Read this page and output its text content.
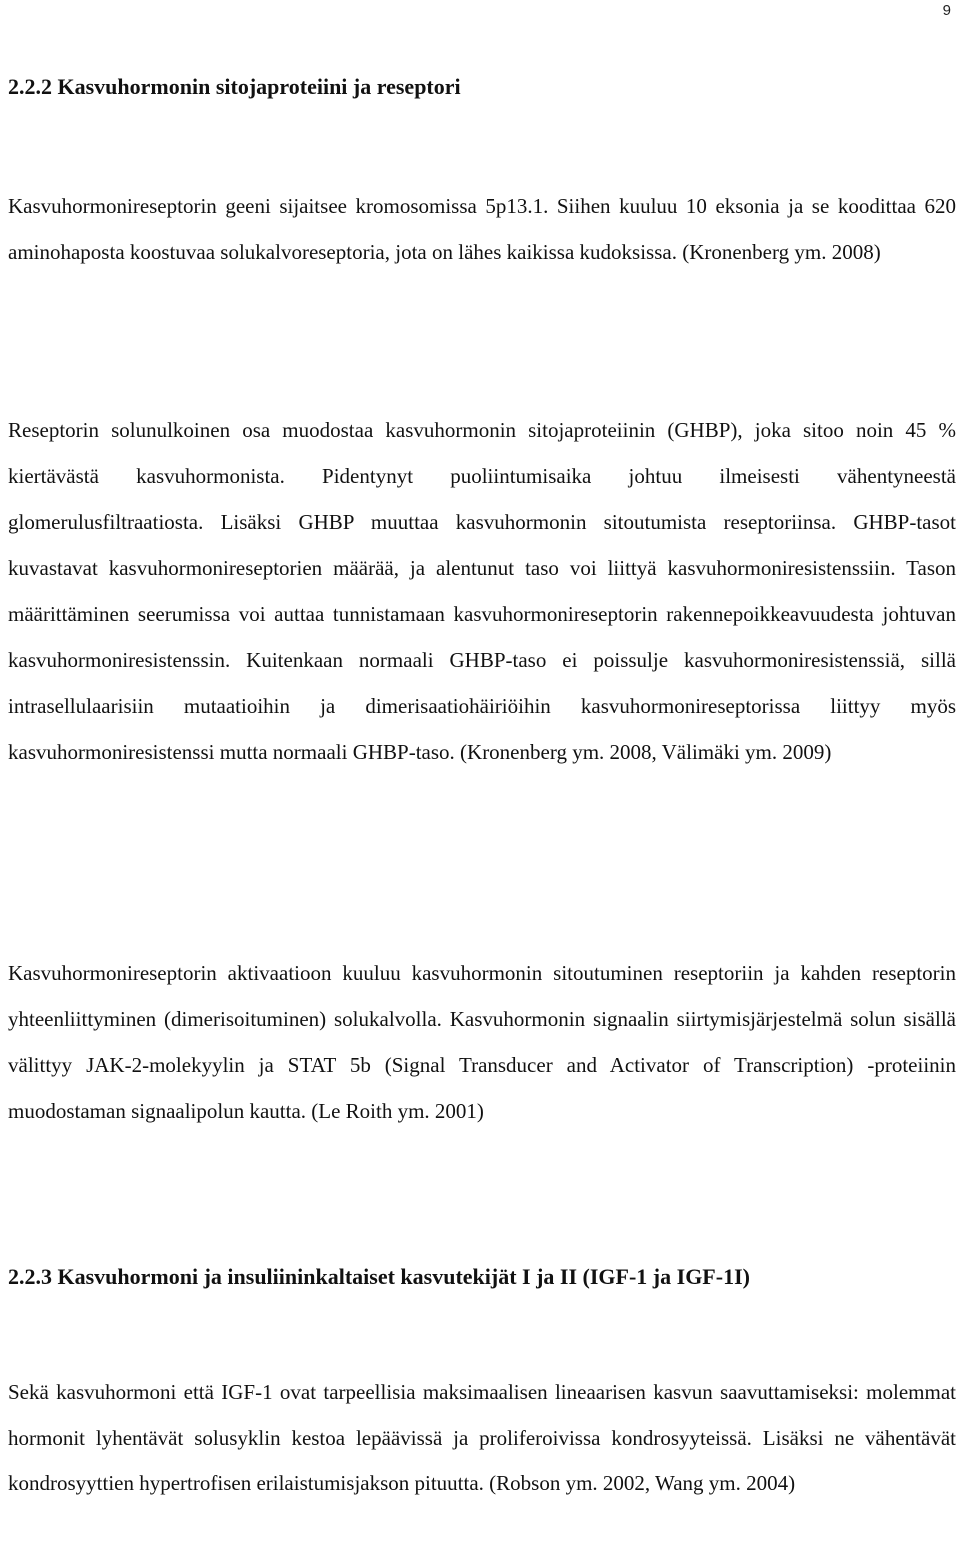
9
2.2.2 Kasvuhormonin sitojaproteiini ja reseptori

Kasvuhormonireseptorin geeni sijaitsee kromosomissa 5p13.1. Siihen kuuluu 10 eksonia ja se koodittaa 620 aminohaposta koostuvaa solukalvoreseptoria, jota on lähes kaikissa kudoksissa. (Kronenberg ym. 2008)

Reseptorin solunulkoinen osa muodostaa kasvuhormonin sitojaproteiinin (GHBP), joka sitoo noin 45 % kiertävästä kasvuhormonista. Pidentynyt puoliintumisaika johtuu ilmeisesti vähentyneestä glomerulusfiltraatiosta. Lisäksi GHBP muuttaa kasvuhormonin sitoutumista reseptoriinsa. GHBP-tasot kuvastavat kasvuhormonireseptorien määrää, ja alentunut taso voi liittyä kasvuhormoniresistenssiin. Tason määrittäminen seerumissa voi auttaa tunnistamaan kasvuhormonireseptorin rakennepoikkeavuudesta johtuvan kasvuhormoniresistenssin. Kuitenkaan normaali GHBP-taso ei poissulje kasvuhormoniresistenssiä, sillä intrasellulaarisiin mutaatioihin ja dimerisaatiohäiriöihin kasvuhormonireseptorissa liittyy myös kasvuhormoniresistenssi mutta normaali GHBP-taso. (Kronenberg ym. 2008, Välimäki ym. 2009)

Kasvuhormonireseptorin aktivaatioon kuuluu kasvuhormonin sitoutuminen reseptoriin ja kahden reseptorin yhteenliittyminen (dimerisoituminen) solukalvolla. Kasvuhormonin signaalin siirtymisjärjestelmä solun sisällä välittyy JAK-2-molekyylin ja STAT 5b (Signal Transducer and Activator of Transcription) -proteiinin muodostaman signaalipolun kautta. (Le Roith ym. 2001)

2.2.3 Kasvuhormoni ja insuliininkaltaiset kasvutekijät I ja II (IGF-1 ja IGF-1I)

Sekä kasvuhormoni että IGF-1 ovat tarpeellisia maksimaalisen lineaarisen kasvun saavuttamiseksi: molemmat hormonit lyhentävät solusyklin kestoa lepäävissä ja proliferoivissa kondrosyyteissä. Lisäksi ne vähentävät kondrosyyttien hypertrofisen erilaistumisjakson pituutta. (Robson ym. 2002, Wang ym. 2004)
